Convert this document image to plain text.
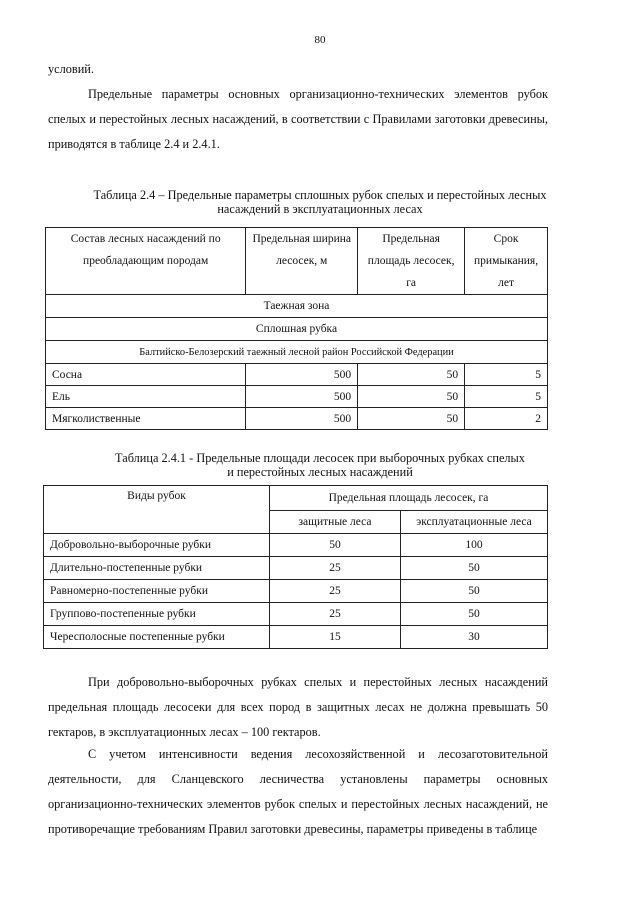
80
условий.
Предельные параметры основных организационно-технических элементов рубок спелых и перестойных лесных насаждений, в соответствии с Правилами заготовки древесины, приводятся в таблице 2.4 и 2.4.1.
Таблица 2.4 – Предельные параметры сплошных рубок спелых и перестойных лесных
насаждений в эксплуатационных лесах
Состав лесных насаждений по преобладающим породам	Предельная ширина лесосек, м	Предельная площадь лесосек, га	Срок примыкания, лет
Таежная зона			
Сплошная рубка			
Балтийско-Белозерский таежный лесной район Российской Федерации			
Сосна	500	50	5
Ель	500	50	5
Мягколиственные	500	50	2
Таблица 2.4.1 - Предельные площади лесосек при выборочных рубках спелых
и перестойных лесных насаждений
Виды рубок	Предельная площадь лесосек, га	
	защитные леса	эксплуатационные леса
Добровольно-выборочные рубки	50	100
Длительно-постепенные рубки	25	50
Равномерно-постепенные рубки	25	50
Группово-постепенные рубки	25	50
Чересполосные постепенные рубки	15	30
При добровольно-выборочных рубках спелых и перестойных лесных насаждений предельная площадь лесосеки для всех пород в защитных лесах не должна превышать 50 гектаров, в эксплуатационных лесах – 100 гектаров.
С учетом интенсивности ведения лесохозяйственной и лесозаготовительной деятельности, для Сланцевского лесничества установлены параметры основных организационно-технических элементов рубок спелых и перестойных лесных насаждений, не противоречащие требованиям Правил заготовки древесины, параметры приведены в таблице
